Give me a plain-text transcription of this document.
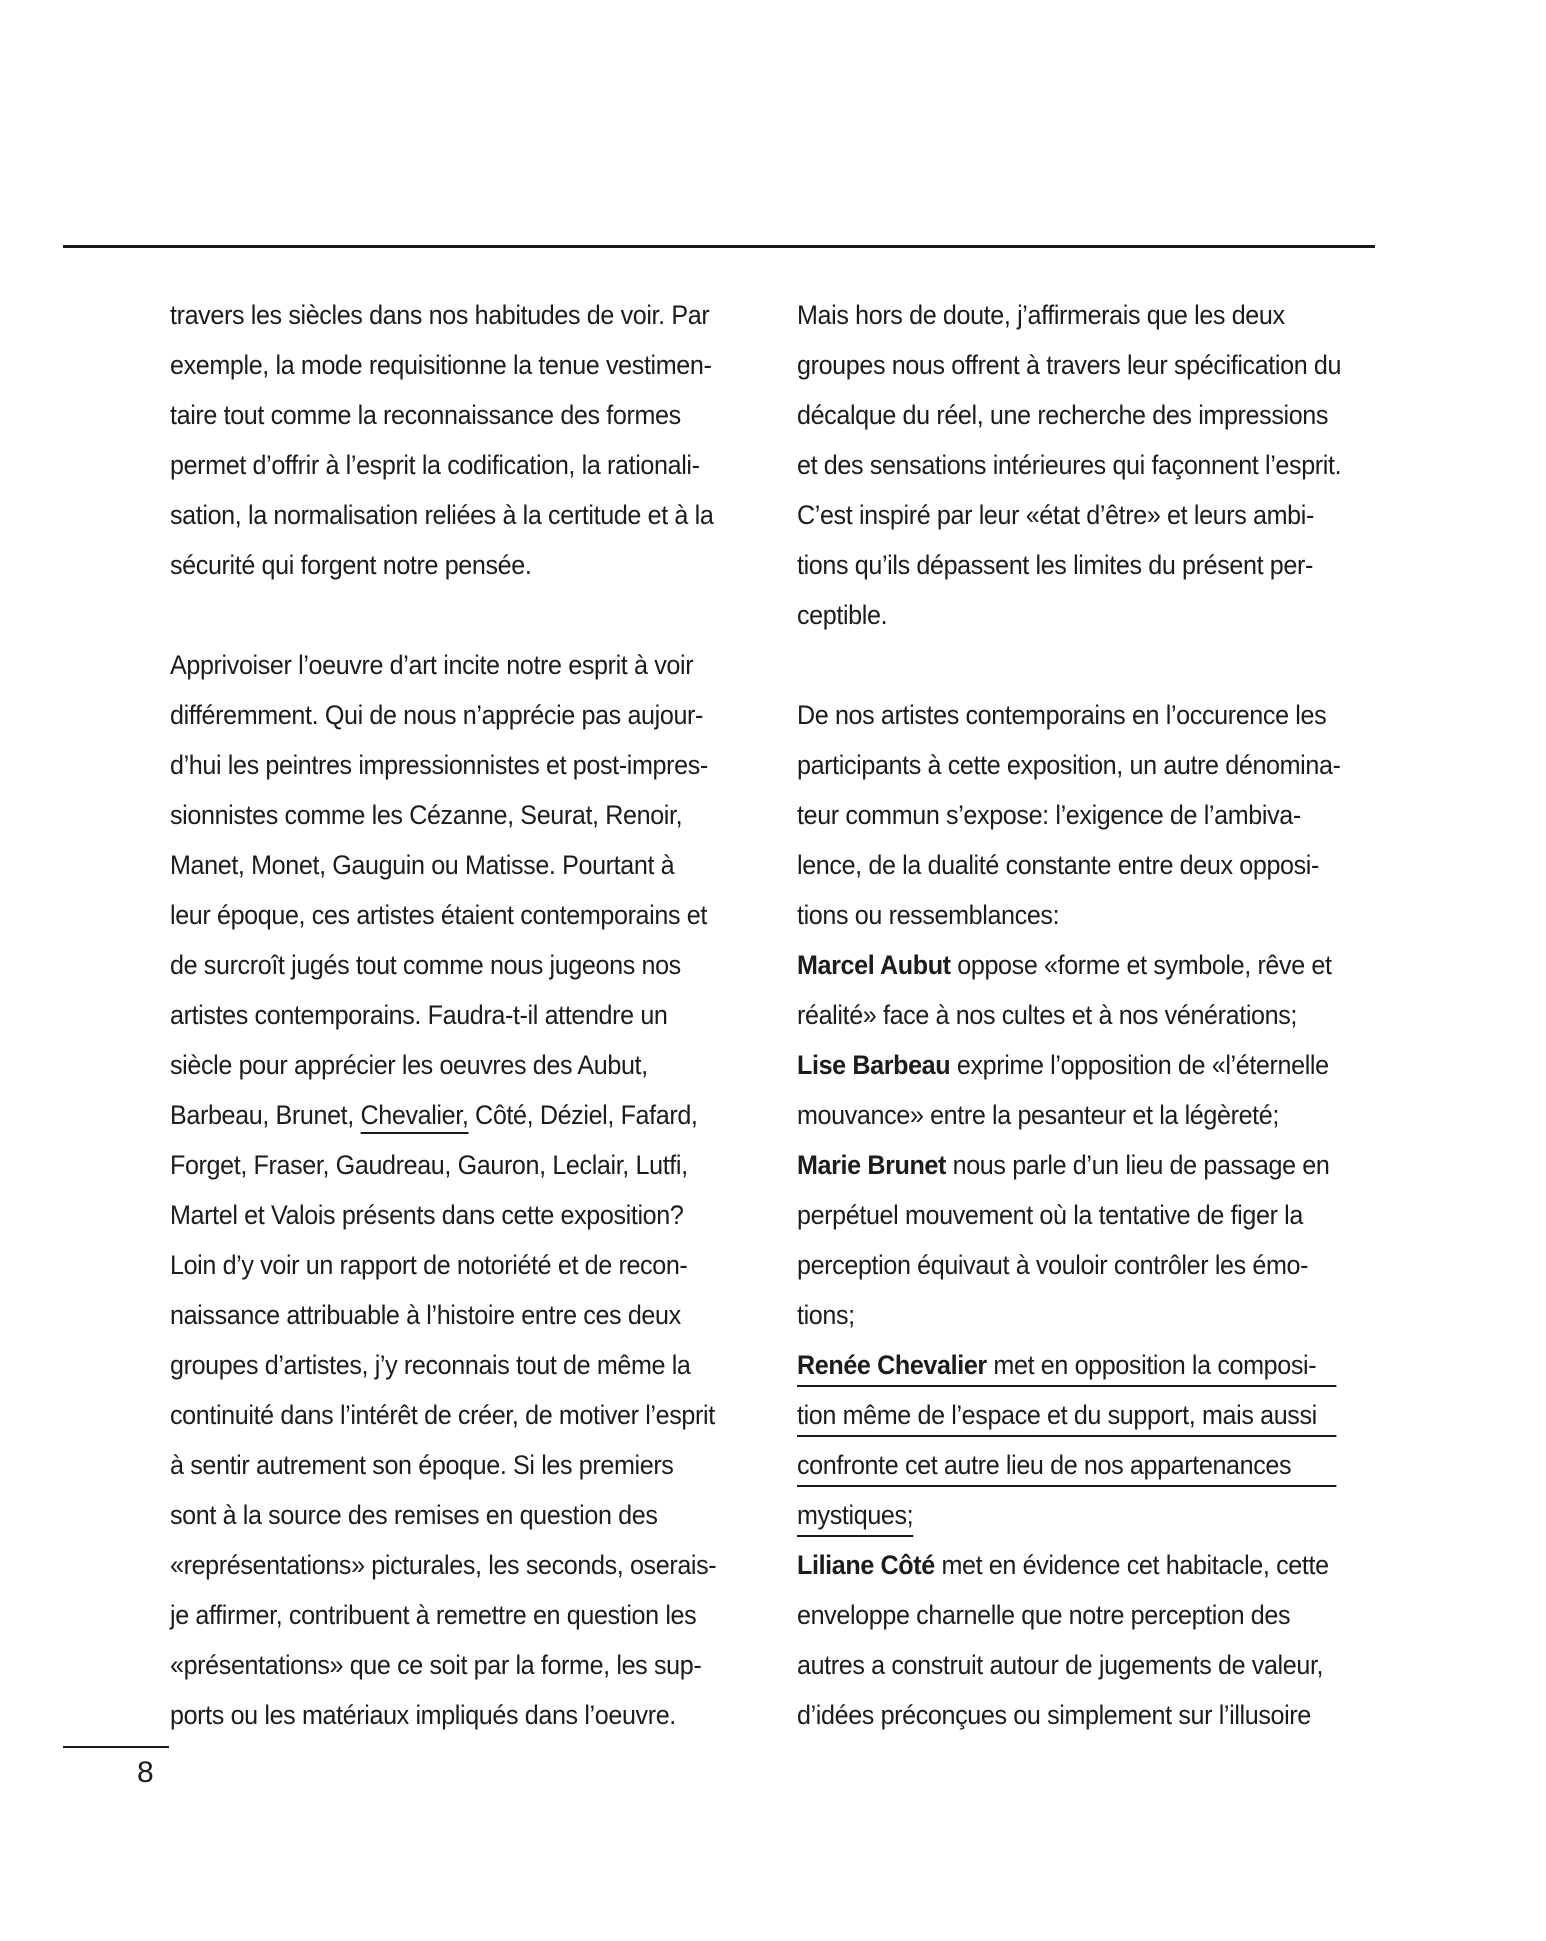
travers les siècles dans nos habitudes de voir. Par
exemple, la mode requisitionne la tenue vestimen-
taire tout comme la reconnaissance des formes
permet d’offrir à l’esprit la codification, la rationali-
sation, la normalisation reliées à la certitude et à la
sécurité qui forgent notre pensée.
Apprivoiser l’oeuvre d’art incite notre esprit à voir
différemment. Qui de nous n’apprécie pas aujour-
d’hui les peintres impressionnistes et post-impres-
sionnistes comme les Cézanne, Seurat, Renoir,
Manet, Monet, Gauguin ou Matisse. Pourtant à
leur époque, ces artistes étaient contemporains et
de surcroît jugés tout comme nous jugeons nos
artistes contemporains. Faudra-t-il attendre un
siècle pour apprécier les oeuvres des Aubut,
Barbeau, Brunet, Chevalier, Côté, Déziel, Fafard,
Forget, Fraser, Gaudreau, Gauron, Leclair, Lutfi,
Martel et Valois présents dans cette exposition?
Loin d’y voir un rapport de notoriété et de recon-
naissance attribuable à l’histoire entre ces deux
groupes d’artistes, j’y reconnais tout de même la
continuité dans l’intérêt de créer, de motiver l’esprit
à sentir autrement son époque. Si les premiers
sont à la source des remises en question des
«représentations» picturales, les seconds, oserais-
je affirmer, contribuent à remettre en question les
«présentations» que ce soit par la forme, les sup-
ports ou les matériaux impliqués dans l’oeuvre.
Mais hors de doute, j’affirmerais que les deux
groupes nous offrent à travers leur spécification du
décalque du réel, une recherche des impressions
et des sensations intérieures qui façonnent l’esprit.
C’est inspiré par leur «état d’être» et leurs ambi-
tions qu’ils dépassent les limites du présent per-
ceptible.
De nos artistes contemporains en l’occurence les
participants à cette exposition, un autre dénomina-
teur commun s’expose: l’exigence de l’ambiva-
lence, de la dualité constante entre deux opposi-
tions ou ressemblances:
Marcel Aubut oppose «forme et symbole, rêve et
réalité» face à nos cultes et à nos vénérations;
Lise Barbeau exprime l’opposition de «l’éternelle
mouvance» entre la pesanteur et la légèreté;
Marie Brunet nous parle d’un lieu de passage en
perpétuel mouvement où la tentative de figer la
perception équivaut à vouloir contrôler les émo-
tions;
Renée Chevalier met en opposition la composi-
tion même de l’espace et du support, mais aussi
confronte cet autre lieu de nos appartenances
mystiques;
Liliane Côté met en évidence cet habitacle, cette
enveloppe charnelle que notre perception des
autres a construit autour de jugements de valeur,
d’idées préconçues ou simplement sur l’illusoire
8
